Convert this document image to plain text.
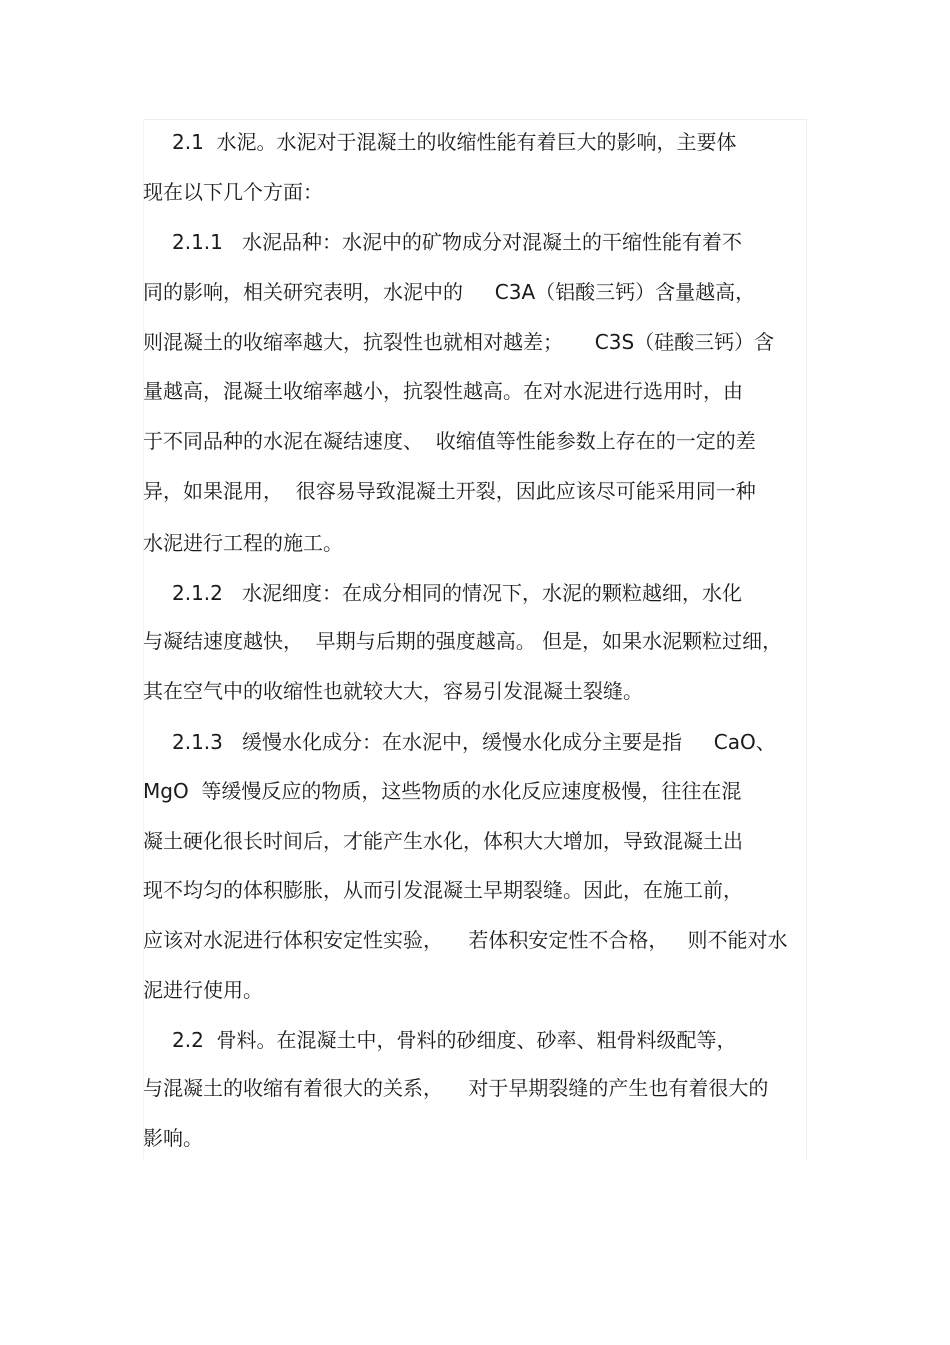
2.1  水泥。水泥对于混凝土的收缩性能有着巨大的影响，主要体
现在以下几个方面：
2.1.1   水泥品种：水泥中的矿物成分对混凝土的干缩性能有着不
同的影响，相关研究表明，水泥中的     C3A（铝酸三钙）含量越高，
则混凝土的收缩率越大，抗裂性也就相对越差；     C3S（硅酸三钙）含
量越高，混凝土收缩率越小，抗裂性越高。在对水泥进行选用时，由
于不同品种的水泥在凝结速度、  收缩值等性能参数上存在的一定的差
异，如果混用，  很容易导致混凝土开裂，因此应该尽可能采用同一种
水泥进行工程的施工。
2.1.2   水泥细度：在成分相同的情况下，水泥的颗粒越细，水化
与凝结速度越快，  早期与后期的强度越高。 但是，如果水泥颗粒过细，
其在空气中的收缩性也就较大大，容易引发混凝土裂缝。
2.1.3   缓慢水化成分：在水泥中，缓慢水化成分主要是指     CaO、
MgO  等缓慢反应的物质，这些物质的水化反应速度极慢，往往在混
凝土硬化很长时间后，才能产生水化，体积大大增加，导致混凝土出
现不均匀的体积膨胀，从而引发混凝土早期裂缝。因此，在施工前，
应该对水泥进行体积安定性实验，    若体积安定性不合格，   则不能对水
泥进行使用。
2.2  骨料。在混凝土中，骨料的砂细度、砂率、粗骨料级配等，
与混凝土的收缩有着很大的关系，    对于早期裂缝的产生也有着很大的
影响。
